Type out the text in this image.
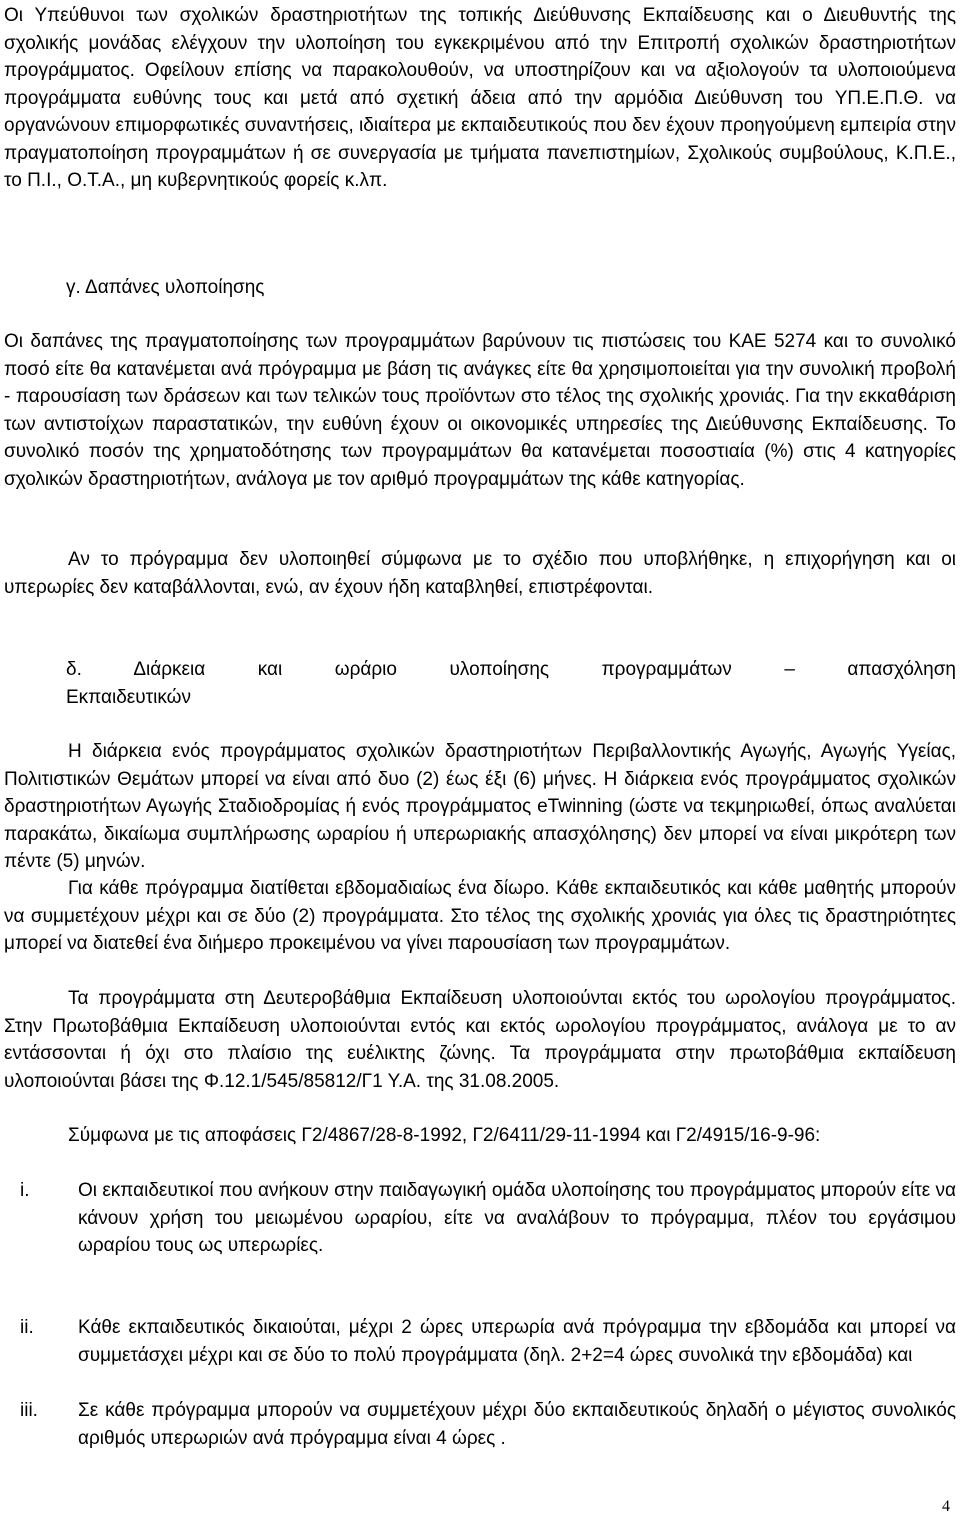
Οι Υπεύθυνοι των σχολικών δραστηριοτήτων της τοπικής Διεύθυνσης Εκπαίδευσης και ο Διευθυντής της σχολικής μονάδας ελέγχουν την υλοποίηση του εγκεκριμένου από την Επιτροπή σχολικών δραστηριοτήτων προγράμματος. Οφείλουν επίσης να παρακολουθούν, να υποστηρίζουν και να αξιολογούν τα υλοποιούμενα προγράμματα ευθύνης τους και μετά από σχετική άδεια από την αρμόδια Διεύθυνση του ΥΠ.Ε.Π.Θ. να οργανώνουν επιμορφωτικές συναντήσεις, ιδιαίτερα με εκπαιδευτικούς που δεν έχουν προηγούμενη εμπειρία στην πραγματοποίηση προγραμμάτων ή σε συνεργασία με τμήματα πανεπιστημίων, Σχολικούς συμβούλους, Κ.Π.Ε., το Π.Ι., Ο.Τ.Α., μη κυβερνητικούς φορείς κ.λπ.

γ. Δαπάνες υλοποίησης

Οι δαπάνες της πραγματοποίησης των προγραμμάτων βαρύνουν τις πιστώσεις του ΚΑΕ 5274 και το συνολικό ποσό είτε θα κατανέμεται ανά πρόγραμμα με βάση τις ανάγκες είτε θα χρησιμοποιείται για την συνολική προβολή - παρουσίαση των δράσεων και των τελικών τους προϊόντων στο τέλος της σχολικής χρονιάς. Για την εκκαθάριση των αντιστοίχων παραστατικών, την ευθύνη έχουν οι οικονομικές υπηρεσίες της Διεύθυνσης Εκπαίδευσης. Το συνολικό ποσόν της χρηματοδότησης των προγραμμάτων θα κατανέμεται ποσοστιαία (%) στις 4 κατηγορίες σχολικών δραστηριοτήτων, ανάλογα με τον αριθμό προγραμμάτων της κάθε κατηγορίας.

Αν το πρόγραμμα δεν υλοποιηθεί σύμφωνα με το σχέδιο που υποβλήθηκε, η επιχορήγηση και οι υπερωρίες δεν καταβάλλονται, ενώ, αν έχουν ήδη καταβληθεί, επιστρέφονται.

δ. Διάρκεια και ωράριο υλοποίησης προγραμμάτων – απασχόληση
Εκπαιδευτικών

Η διάρκεια ενός προγράμματος σχολικών δραστηριοτήτων Περιβαλλοντικής Αγωγής, Αγωγής Υγείας, Πολιτιστικών Θεμάτων μπορεί να είναι από δυο (2) έως έξι (6) μήνες. Η διάρκεια ενός προγράμματος σχολικών δραστηριοτήτων Αγωγής Σταδιοδρομίας ή ενός προγράμματος eTwinning (ώστε να τεκμηριωθεί, όπως αναλύεται παρακάτω, δικαίωμα συμπλήρωσης ωραρίου ή υπερωριακής απασχόλησης) δεν μπορεί να είναι μικρότερη των πέντε (5) μηνών.

Για κάθε πρόγραμμα διατίθεται εβδομαδιαίως ένα δίωρο. Κάθε εκπαιδευτικός και κάθε μαθητής μπορούν να συμμετέχουν μέχρι και σε δύο (2) προγράμματα. Στο τέλος της σχολικής χρονιάς για όλες τις δραστηριότητες μπορεί να διατεθεί ένα διήμερο προκειμένου να γίνει παρουσίαση των προγραμμάτων.

Τα προγράμματα στη Δευτεροβάθμια Εκπαίδευση υλοποιούνται εκτός του ωρολογίου προγράμματος. Στην Πρωτοβάθμια Εκπαίδευση υλοποιούνται εντός και εκτός ωρολογίου προγράμματος, ανάλογα με το αν εντάσσονται ή όχι στο πλαίσιο της ευέλικτης ζώνης. Τα προγράμματα στην πρωτοβάθμια εκπαίδευση υλοποιούνται βάσει της Φ.12.1/545/85812/Γ1 Υ.Α. της 31.08.2005.

Σύμφωνα με τις αποφάσεις Γ2/4867/28-8-1992, Γ2/6411/29-11-1994 και Γ2/4915/16-9-96:

i.	Οι εκπαιδευτικοί που ανήκουν στην παιδαγωγική ομάδα υλοποίησης του προγράμματος μπορούν είτε να κάνουν χρήση του μειωμένου ωραρίου, είτε να αναλάβουν το πρόγραμμα, πλέον του εργάσιμου ωραρίου τους ως υπερωρίες.

ii. Κάθε εκπαιδευτικός δικαιούται, μέχρι 2 ώρες υπερωρία ανά πρόγραμμα την εβδομάδα και μπορεί να συμμετάσχει μέχρι και σε δύο το πολύ προγράμματα (δηλ. 2+2=4 ώρες συνολικά την εβδομάδα) και

iii. Σε κάθε πρόγραμμα μπορούν να συμμετέχουν μέχρι δύο εκπαιδευτικούς δηλαδή ο μέγιστος συνολικός αριθμός υπερωριών ανά πρόγραμμα είναι 4 ώρες .

4
